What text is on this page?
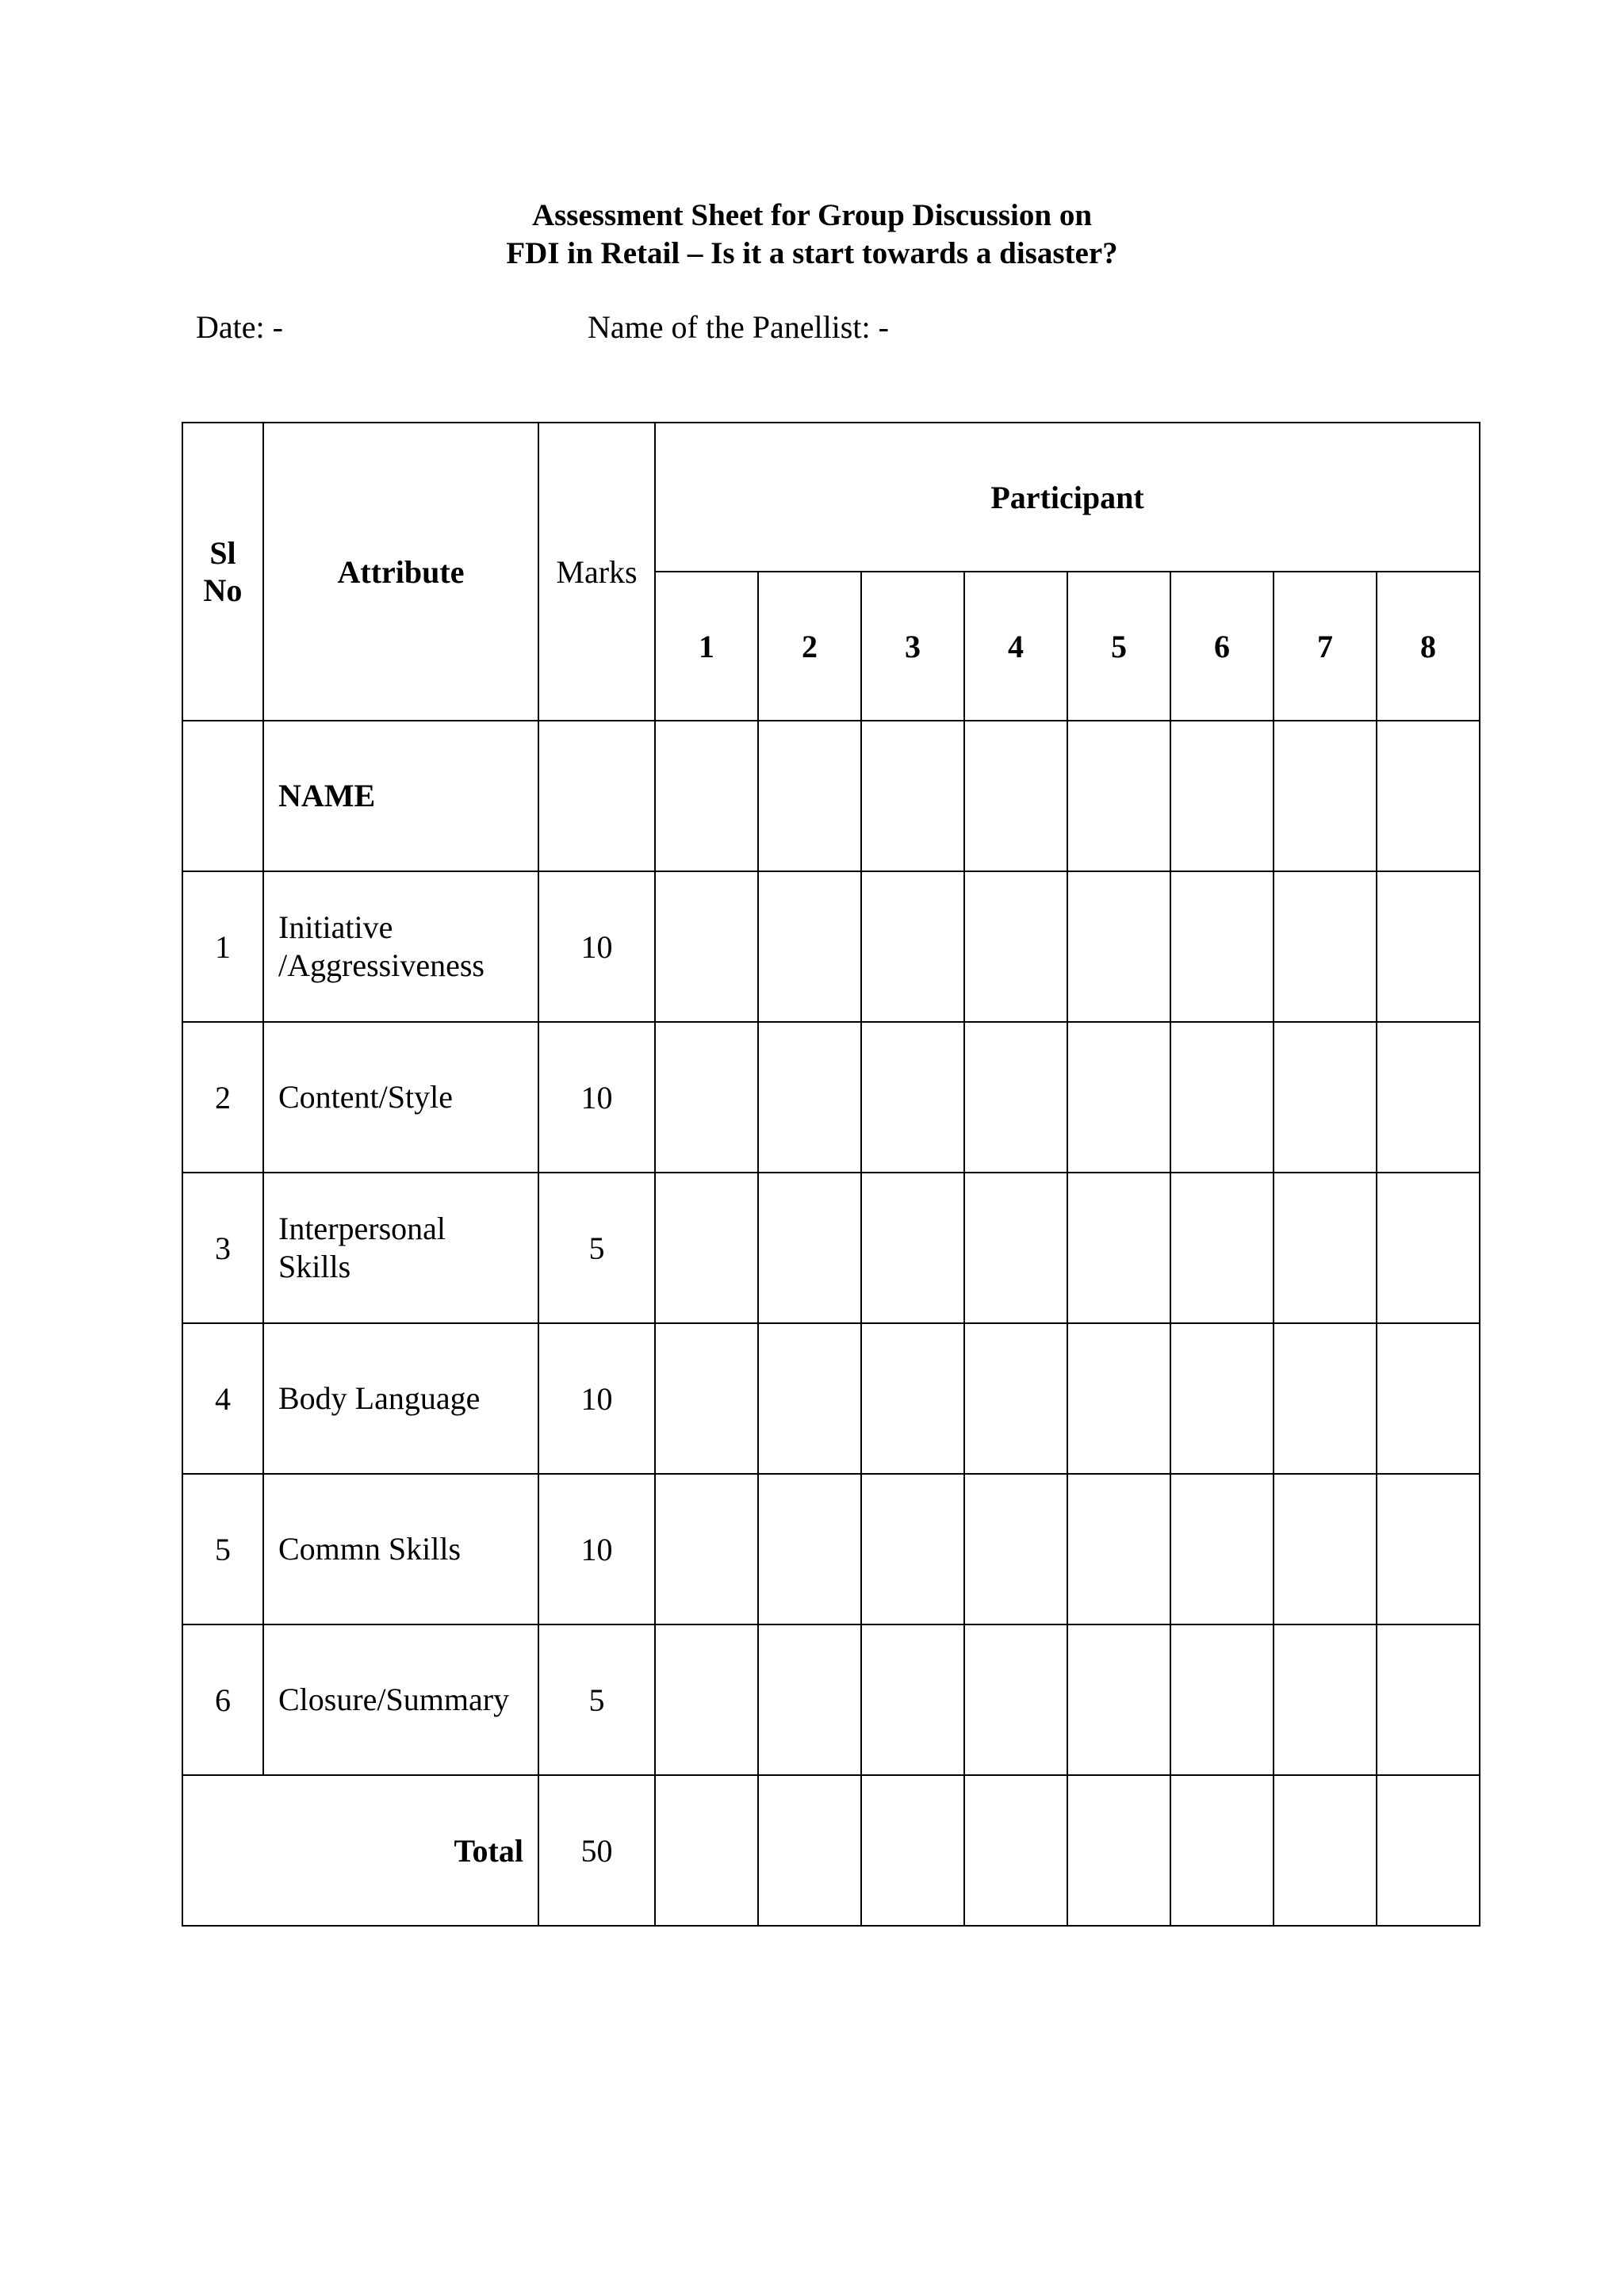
Assessment Sheet for Group Discussion on
FDI in Retail – Is it a start towards a disaster?
Date: -	Name of the Panellist: -
Sl
No	Attribute	Marks	Participant							
			1	2	3	4	5	6	7	8
	NAME									
1	Initiative
/Aggressiveness	10								
2	Content/Style	10								
3	Interpersonal
Skills	5								
4	Body Language	10								
5	Commn Skills	10								
6	Closure/Summary	5								
Total		50								
